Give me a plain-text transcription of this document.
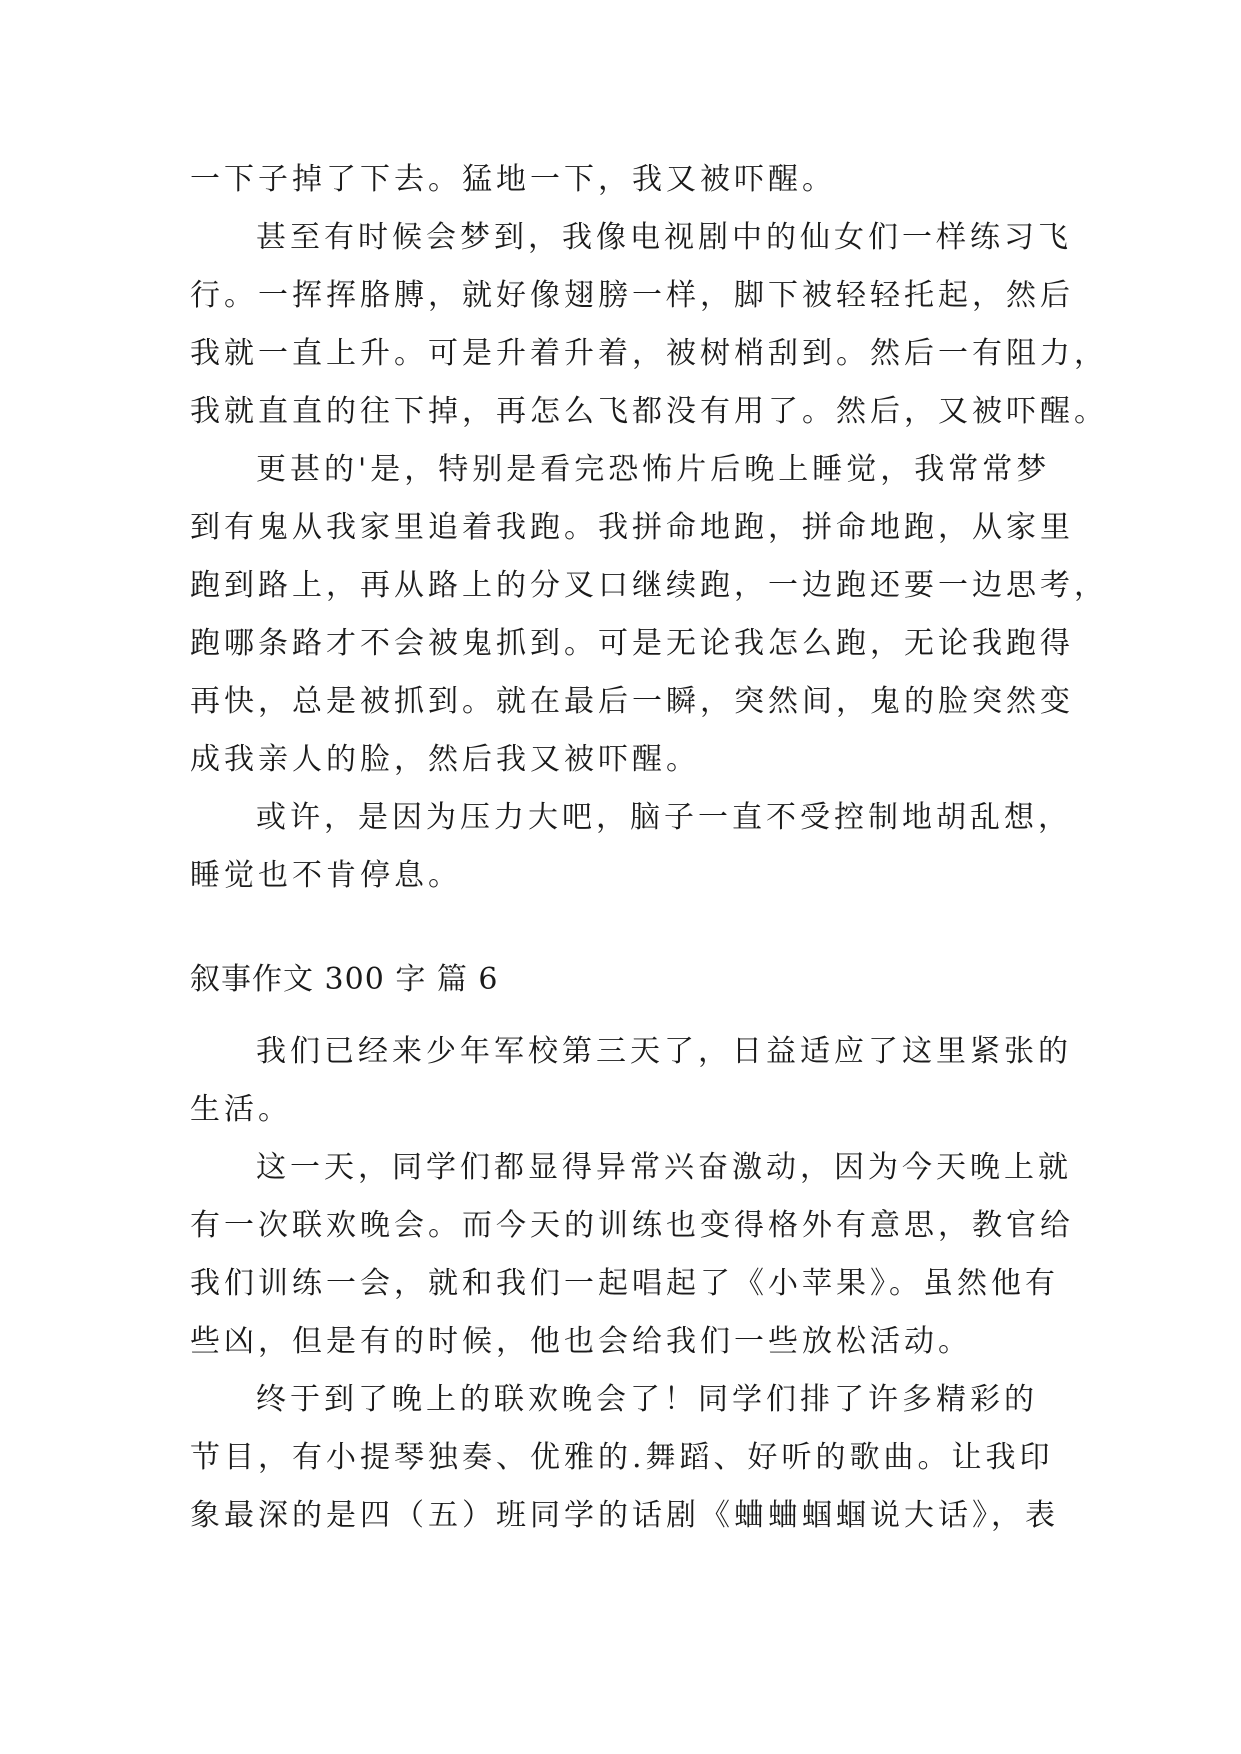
一下子掉了下去。猛地一下，我又被吓醒。
甚至有时候会梦到，我像电视剧中的仙女们一样练习飞
行。一挥挥胳膊，就好像翅膀一样，脚下被轻轻托起，然后
我就一直上升。可是升着升着，被树梢刮到。然后一有阻力，
我就直直的往下掉，再怎么飞都没有用了。然后，又被吓醒。
更甚的'是，特别是看完恐怖片后晚上睡觉，我常常梦
到有鬼从我家里追着我跑。我拼命地跑，拼命地跑，从家里
跑到路上，再从路上的分叉口继续跑，一边跑还要一边思考，
跑哪条路才不会被鬼抓到。可是无论我怎么跑，无论我跑得
再快，总是被抓到。就在最后一瞬，突然间，鬼的脸突然变
成我亲人的脸，然后我又被吓醒。
或许，是因为压力大吧，脑子一直不受控制地胡乱想，
睡觉也不肯停息。
叙事作文 300 字 篇 6
我们已经来少年军校第三天了，日益适应了这里紧张的
生活。
这一天，同学们都显得异常兴奋激动，因为今天晚上就
有一次联欢晚会。而今天的训练也变得格外有意思，教官给
我们训练一会，就和我们一起唱起了《小苹果》。虽然他有
些凶，但是有的时候，他也会给我们一些放松活动。
终于到了晚上的联欢晚会了！同学们排了许多精彩的
节目，有小提琴独奏、优雅的.舞蹈、好听的歌曲。让我印
象最深的是四（五）班同学的话剧《蛐蛐蝈蝈说大话》，表
